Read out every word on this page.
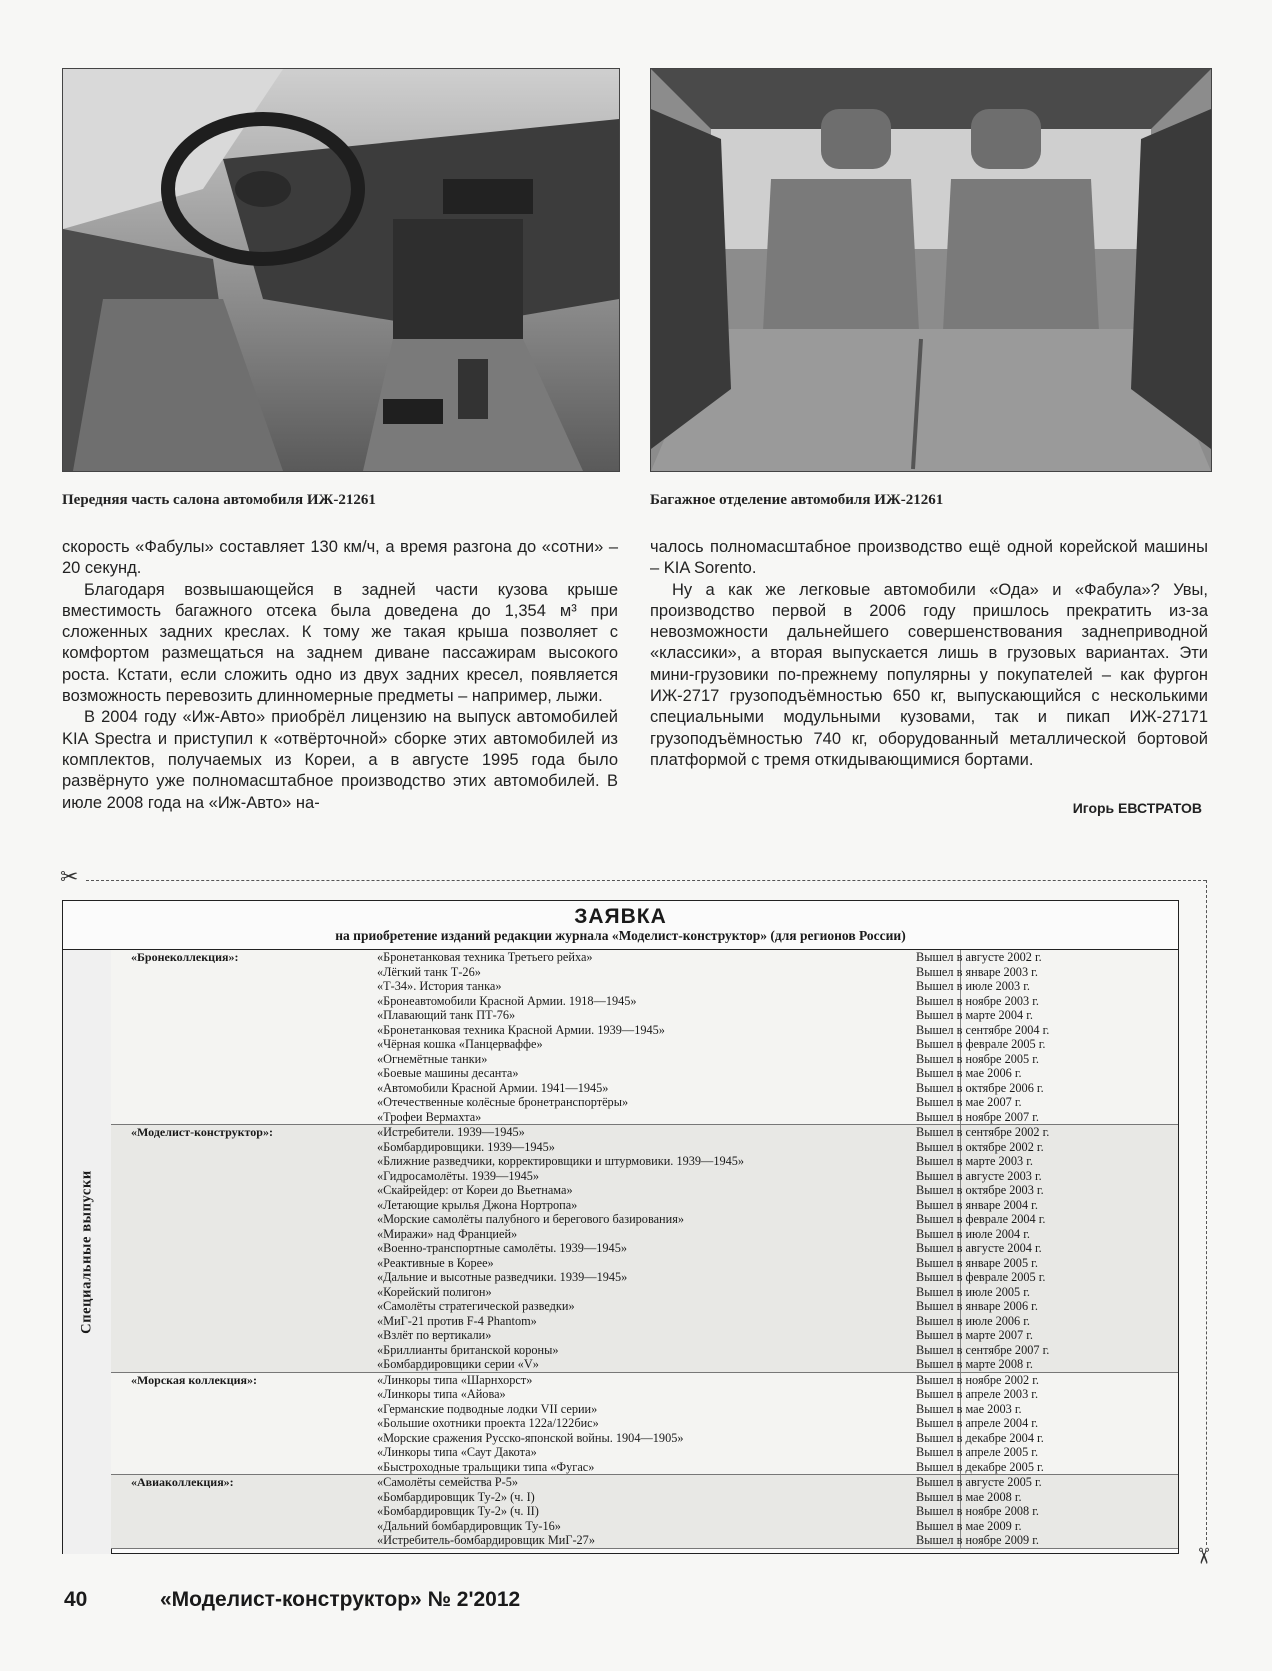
Передняя часть салона автомобиля ИЖ-21261	Багажное отделение автомобиля ИЖ-21261

скорость «Фабулы» составляет 130 км/ч, а время разгона до «сотни» – 20 секунд.

Благодаря возвышающейся в задней части кузова крыше вместимость багажного отсека была доведена до 1,354 м³ при сложенных задних креслах. К тому же такая крыша позволяет с комфортом размещаться на заднем диване пассажирам высокого роста. Кстати, если сложить одно из двух задних кресел, появляется возможность перевозить длинномерные предметы – например, лыжи.

В 2004 году «Иж-Авто» приобрёл лицензию на выпуск автомобилей KIA Spectra и приступил к «отвёрточной» сборке этих автомобилей из комплектов, получаемых из Кореи, а в августе 1995 года было развёрнуто уже полномасштабное производство этих автомобилей. В июле 2008 года на «Иж-Авто» на-

чалось полномасштабное производство ещё одной корейской машины – KIA Sorento.

Ну а как же легковые автомобили «Ода» и «Фабула»? Увы, производство первой в 2006 году пришлось прекратить из-за невозможности дальнейшего совершенствования заднеприводной «классики», а вторая выпускается лишь в грузовых вариантах. Эти мини-грузовики по-прежнему популярны у покупателей – как фургон ИЖ-2717 грузоподъёмностью 650 кг, выпускающийся с несколькими специальными модульными кузовами, так и пикап ИЖ-27171 грузоподъёмностью 740 кг, оборудованный металлической бортовой платформой с тремя откидывающимися бортами.

Игорь ЕВСТРАТОВ
✂
✂
ЗАЯВКА
на приобретение изданий редакции журнала «Моделист-конструктор» (для регионов России)
Специальные выпуски
«Бронеколлекция»:	«Бронетанковая техника Третьего рейха»	Вышел в августе 2002 г.
«Лёгкий танк Т-26»	Вышел в январе 2003 г.
«Т-34». История танка»	Вышел в июле 2003 г.
«Бронеавтомобили Красной Армии. 1918—1945»	Вышел в ноябре 2003 г.
«Плавающий танк ПТ-76»	Вышел в марте 2004 г.
«Бронетанковая техника Красной Армии. 1939—1945»	Вышел в сентябре 2004 г.
«Чёрная кошка «Панцерваффе»	Вышел в феврале 2005 г.
«Огнемётные танки»	Вышел в ноябре 2005 г.
«Боевые машины десанта»	Вышел в мае 2006 г.
«Автомобили Красной Армии. 1941—1945»	Вышел в октябре 2006 г.
«Отечественные колёсные бронетранспортёры»	Вышел в мае 2007 г.
«Трофеи Вермахта»	Вышел в ноябре 2007 г.
«Моделист-конструктор»:	«Истребители. 1939—1945»	Вышел в сентябре 2002 г.
«Бомбардировщики. 1939—1945»	Вышел в октябре 2002 г.
«Ближние разведчики, корректировщики и штурмовики. 1939—1945»	Вышел в марте 2003 г.
«Гидросамолёты. 1939—1945»	Вышел в августе 2003 г.
«Скайрейдер: от Кореи до Вьетнама»	Вышел в октябре 2003 г.
«Летающие крылья Джона Нортропа»	Вышел в январе 2004 г.
«Морские самолёты палубного и берегового базирования»	Вышел в феврале 2004 г.
«Миражи» над Францией»	Вышел в июле 2004 г.
«Военно-транспортные самолёты. 1939—1945»	Вышел в августе 2004 г.
«Реактивные в Корее»	Вышел в январе 2005 г.
«Дальние и высотные разведчики. 1939—1945»	Вышел в феврале 2005 г.
«Корейский полигон»	Вышел в июле 2005 г.
«Самолёты стратегической разведки»	Вышел в январе 2006 г.
«МиГ-21 против F-4 Phantom»	Вышел в июле 2006 г.
«Взлёт по вертикали»	Вышел в марте 2007 г.
«Бриллианты британской короны»	Вышел в сентябре 2007 г.
«Бомбардировщики серии «V»	Вышел в марте 2008 г.
«Морская коллекция»:	«Линкоры типа «Шарнхорст»	Вышел в ноябре 2002 г.
«Линкоры типа «Айова»	Вышел в апреле 2003 г.
«Германские подводные лодки VII серии»	Вышел в мае 2003 г.
«Большие охотники проекта 122а/122бис»	Вышел в апреле 2004 г.
«Морские сражения Русско-японской войны. 1904—1905»	Вышел в декабре 2004 г.
«Линкоры типа «Саут Дакота»	Вышел в апреле 2005 г.
«Быстроходные тральщики типа «Фугас»	Вышел в декабре 2005 г.
«Авиаколлекция»:	«Самолёты семейства Р-5»	Вышел в августе 2005 г.
«Бомбардировщик Ту-2» (ч. I)	Вышел в мае 2008 г.
«Бомбардировщик Ту-2» (ч. II)	Вышел в ноябре 2008 г.
«Дальний бомбардировщик Ту-16»	Вышел в мае 2009 г.
«Истребитель-бомбардировщик МиГ-27»	Вышел в ноябре 2009 г.
40	«Моделист-конструктор» № 2'2012
